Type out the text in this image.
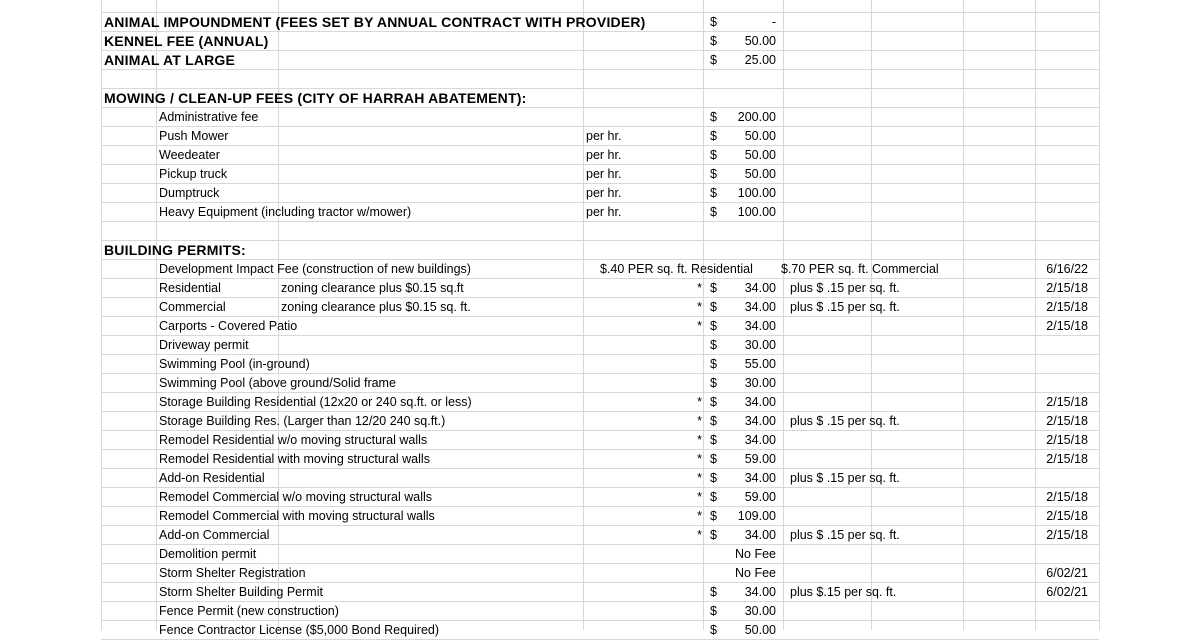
ANIMAL IMPOUNDMENT (FEES SET BY ANNUAL CONTRACT WITH PROVIDER)	$	-
KENNEL FEE (ANNUAL)	$	50.00
ANIMAL AT LARGE	$	25.00
MOWING / CLEAN-UP FEES (CITY OF HARRAH ABATEMENT):
Administrative fee	$	200.00
Push Mower	per hr.	$	50.00
Weedeater	per hr.	$	50.00
Pickup truck	per hr.	$	50.00
Dumptruck	per hr.	$	100.00
Heavy Equipment (including tractor w/mower)	per hr.	$	100.00
BUILDING PERMITS:
Development Impact Fee (construction of new buildings)	$.40 PER sq. ft. Residential	$.70 PER sq. ft. Commercial	6/16/22
Residential	zoning clearance plus $0.15 sq.ft	* $	34.00 plus $ .15 per sq. ft.	2/15/18
Commercial	zoning clearance plus $0.15 sq. ft.	* $	34.00 plus $ .15 per sq. ft.	2/15/18
Carports - Covered Patio	* $	34.00	2/15/18
Driveway permit	$	30.00
Swimming Pool (in-ground)	$	55.00
Swimming Pool (above ground/Solid frame	$	30.00
Storage Building Residential (12x20 or 240 sq.ft. or less)	* $	34.00	2/15/18
Storage Building Res. (Larger than 12/20 240 sq.ft.)	* $	34.00 plus $ .15 per sq. ft.	2/15/18
Remodel Residential w/o moving structural walls	* $	34.00	2/15/18
Remodel Residential with moving structural walls	* $	59.00	2/15/18
Add-on Residential	* $	34.00 plus $ .15 per sq. ft.
Remodel Commercial w/o moving structural walls	* $	59.00	2/15/18
Remodel Commercial with moving structural walls	* $	109.00	2/15/18
Add-on Commercial	* $	34.00 plus $ .15 per sq. ft.	2/15/18
Demolition permit	No Fee
Storm Shelter Registration	No Fee	6/02/21
Storm Shelter Building Permit	$	34.00 plus $.15 per sq. ft.	6/02/21
Fence Permit (new construction)	$	30.00
Fence Contractor License ($5,000 Bond Required)	$	50.00
